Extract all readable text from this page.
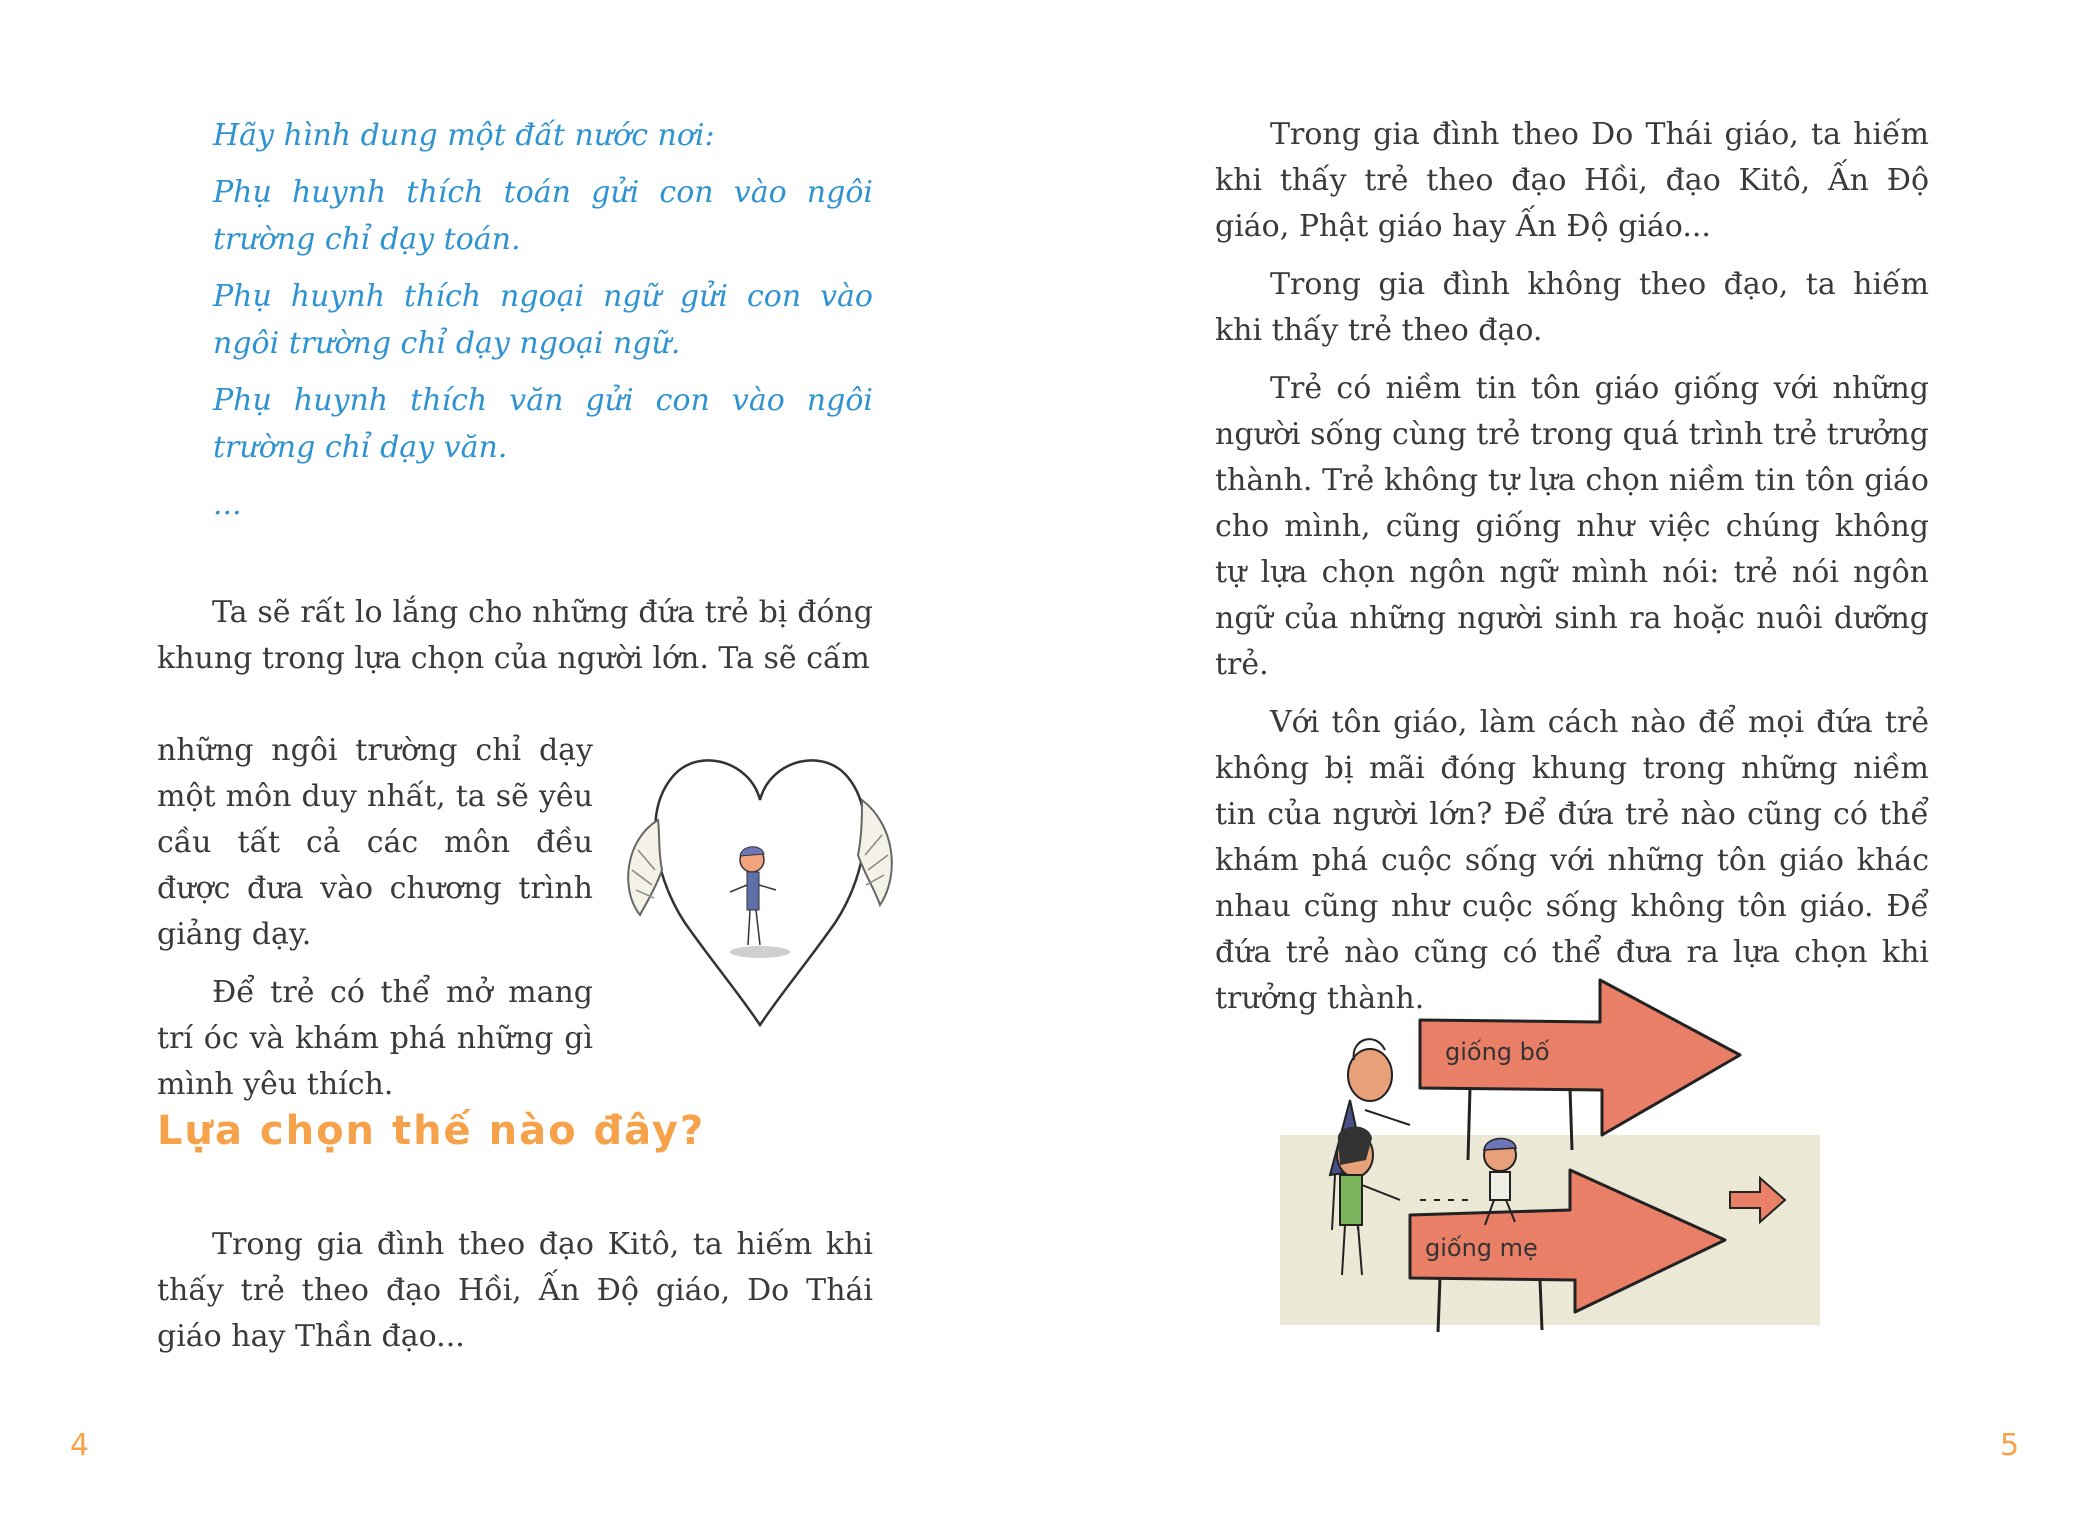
Hãy hình dung một đất nước nơi:

Phụ huynh thích toán gửi con vào ngôi trường chỉ dạy toán.

Phụ huynh thích ngoại ngữ gửi con vào ngôi trường chỉ dạy ngoại ngữ.

Phụ huynh thích văn gửi con vào ngôi trường chỉ dạy văn.

...

Ta sẽ rất lo lắng cho những đứa trẻ bị đóng khung trong lựa chọn của người lớn. Ta sẽ cấm

những ngôi trường chỉ dạy một môn duy nhất, ta sẽ yêu cầu tất cả các môn đều được đưa vào chương trình giảng dạy.

Để trẻ có thể mở mang trí óc và khám phá những gì mình yêu thích.

Lựa chọn thế nào đây?

Trong gia đình theo đạo Kitô, ta hiếm khi thấy trẻ theo đạo Hồi, Ấn Độ giáo, Do Thái giáo hay Thần đạo...

4

Trong gia đình theo Do Thái giáo, ta hiếm khi thấy trẻ theo đạo Hồi, đạo Kitô, Ấn Độ giáo, Phật giáo hay Ấn Độ giáo...

Trong gia đình không theo đạo, ta hiếm khi thấy trẻ theo đạo.

Trẻ có niềm tin tôn giáo giống với những người sống cùng trẻ trong quá trình trẻ trưởng thành. Trẻ không tự lựa chọn niềm tin tôn giáo cho mình, cũng giống như việc chúng không tự lựa chọn ngôn ngữ mình nói: trẻ nói ngôn ngữ của những người sinh ra hoặc nuôi dưỡng trẻ.

Với tôn giáo, làm cách nào để mọi đứa trẻ không bị mãi đóng khung trong những niềm tin của người lớn? Để đứa trẻ nào cũng có thể khám phá cuộc sống với những tôn giáo khác nhau cũng như cuộc sống không tôn giáo. Để đứa trẻ nào cũng có thể đưa ra lựa chọn khi trưởng thành.

giống bố
giống mẹ
5
